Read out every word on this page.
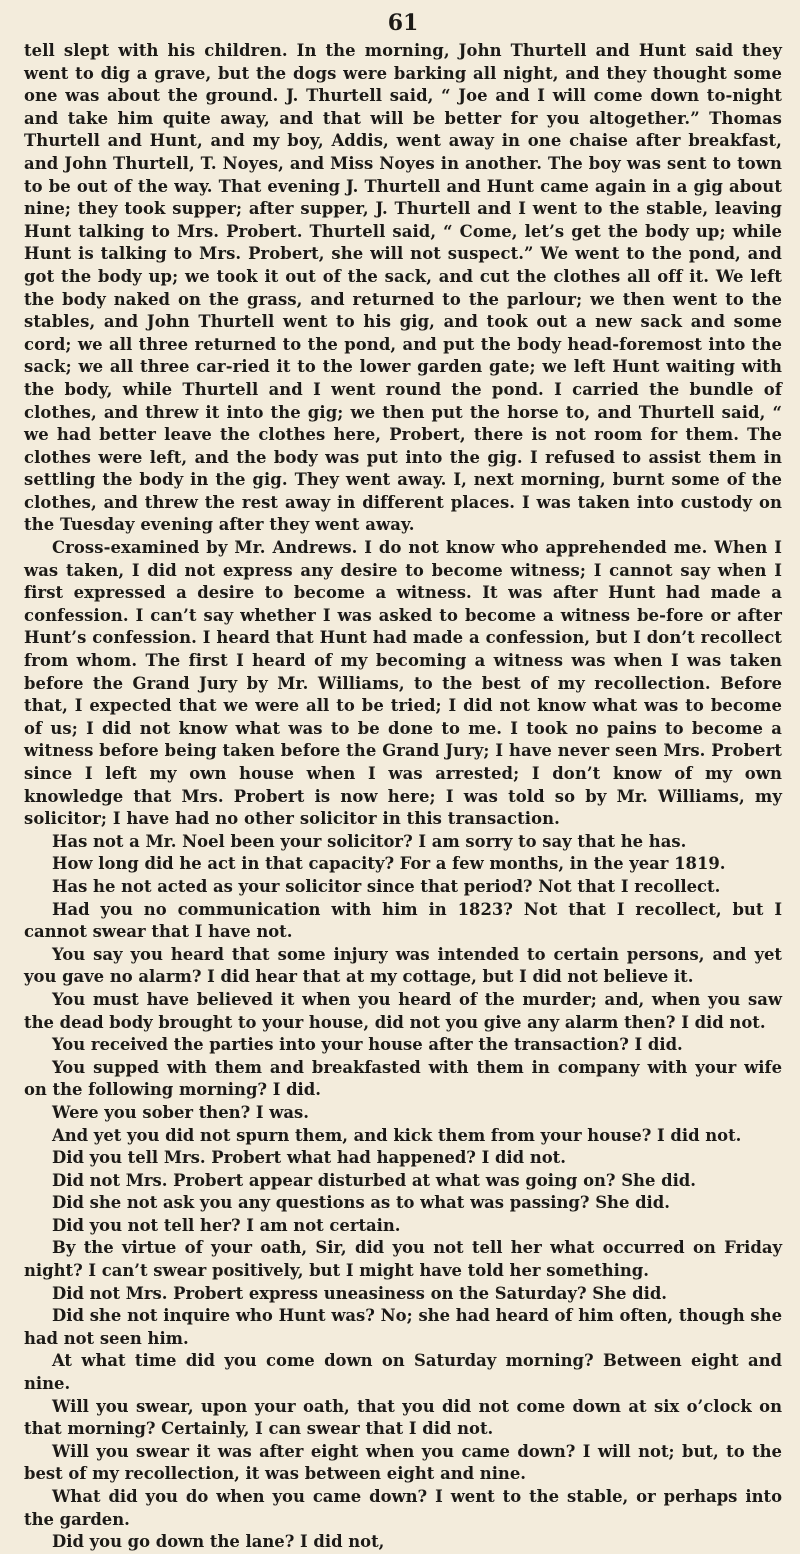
61

tell slept with his children. In the morning, John Thurtell and Hunt said they went to dig a grave, but the dogs were barking all night, and they thought some one was about the ground. J. Thurtell said, “ Joe and I will come down to-night and take him quite away, and that will be better for you altogether.” Thomas Thurtell and Hunt, and my boy, Addis, went away in one chaise after breakfast, and John Thurtell, T. Noyes, and Miss Noyes in another. The boy was sent to town to be out of the way. That evening J. Thurtell and Hunt came again in a gig about nine; they took supper; after supper, J. Thurtell and I went to the stable, leaving Hunt talking to Mrs. Probert. Thurtell said, “ Come, let’s get the body up; while Hunt is talking to Mrs. Probert, she will not suspect.” We went to the pond, and got the body up; we took it out of the sack, and cut the clothes all off it. We left the body naked on the grass, and returned to the parlour; we then went to the stables, and John Thurtell went to his gig, and took out a new sack and some cord; we all three returned to the pond, and put the body head-foremost into the sack; we all three car-ried it to the lower garden gate; we left Hunt waiting with the body, while Thurtell and I went round the pond. I carried the bundle of clothes, and threw it into the gig; we then put the horse to, and Thurtell said, “ we had better leave the clothes here, Probert, there is not room for them. The clothes were left, and the body was put into the gig. I refused to assist them in settling the body in the gig. They went away. I, next morning, burnt some of the clothes, and threw the rest away in different places. I was taken into custody on the Tuesday evening after they went away.

Cross-examined by Mr. Andrews. I do not know who apprehended me. When I was taken, I did not express any desire to become witness; I cannot say when I first expressed a desire to become a witness. It was after Hunt had made a confession. I can’t say whether I was asked to become a witness be-fore or after Hunt’s confession. I heard that Hunt had made a confession, but I don’t recollect from whom. The first I heard of my becoming a witness was when I was taken before the Grand Jury by Mr. Williams, to the best of my recollection. Before that, I expected that we were all to be tried; I did not know what was to become of us; I did not know what was to be done to me. I took no pains to become a witness before being taken before the Grand Jury; I have never seen Mrs. Probert since I left my own house when I was arrested; I don’t know of my own knowledge that Mrs. Probert is now here; I was told so by Mr. Williams, my solicitor; I have had no other solicitor in this transaction.

Has not a Mr. Noel been your solicitor? I am sorry to say that he has.

How long did he act in that capacity? For a few months, in the year 1819.

Has he not acted as your solicitor since that period? Not that I recollect.

Had you no communication with him in 1823? Not that I recollect, but I cannot swear that I have not.

You say you heard that some injury was intended to certain persons, and yet you gave no alarm? I did hear that at my cottage, but I did not believe it.

You must have believed it when you heard of the murder; and, when you saw the dead body brought to your house, did not you give any alarm then? I did not.

You received the parties into your house after the transaction? I did.

You supped with them and breakfasted with them in company with your wife on the following morning? I did.

Were you sober then? I was.

And yet you did not spurn them, and kick them from your house? I did not.

Did you tell Mrs. Probert what had happened? I did not.

Did not Mrs. Probert appear disturbed at what was going on? She did.

Did she not ask you any questions as to what was passing? She did.

Did you not tell her? I am not certain.

By the virtue of your oath, Sir, did you not tell her what occurred on Friday night? I can’t swear positively, but I might have told her something.

Did not Mrs. Probert express uneasiness on the Saturday? She did.

Did she not inquire who Hunt was? No; she had heard of him often, though she had not seen him.

At what time did you come down on Saturday morning? Between eight and nine.

Will you swear, upon your oath, that you did not come down at six o’clock on that morning? Certainly, I can swear that I did not.

Will you swear it was after eight when you came down? I will not; but, to the best of my recollection, it was between eight and nine.

What did you do when you came down? I went to the stable, or perhaps into the garden.

Did you go down the lane? I did not,
